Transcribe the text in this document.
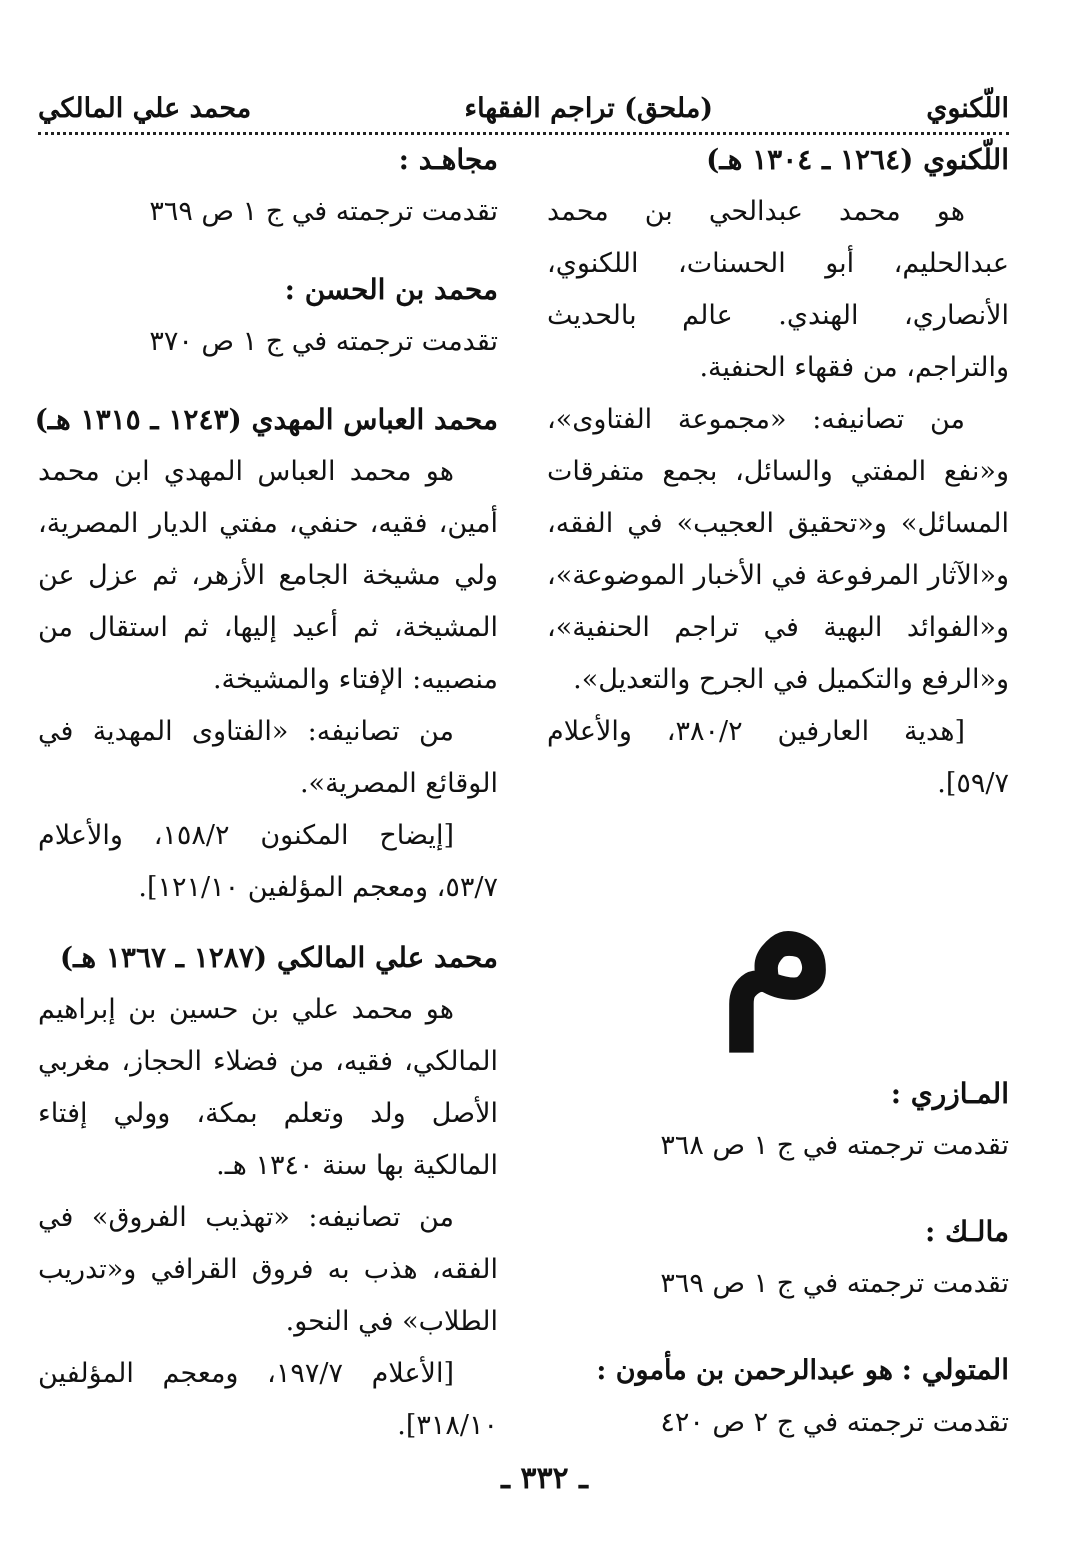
اللّكنوي
(ملحق) تراجم الفقهاء
محمد علي المالكي
اللّكنوي (١٢٦٤ ـ ١٣٠٤ هـ)

هو محمد عبدالحي بن محمد عبدالحليم، أبو الحسنات، اللكنوي، الأنصاري، الهندي. عالم بالحديث والتراجم، من فقهاء الحنفية.

من تصانيفه: «مجموعة الفتاوى»، و«نفع المفتي والسائل، بجمع متفرقات المسائل» و«تحقيق العجيب» في الفقه، و«الآثار المرفوعة في الأخبار الموضوعة»، و«الفوائد البهية في تراجم الحنفية»، و«الرفع والتكميل في الجرح والتعديل».

[هدية العارفين ٣٨٠/٢، والأعلام ٥٩/٧].

م
المـازري :
تقدمت ترجمته في ج ١ ص ٣٦٨
مالـك :
تقدمت ترجمته في ج ١ ص ٣٦٩
المتولي : هو عبدالرحمن بن مأمون :
تقدمت ترجمته في ج ٢ ص ٤٢٠
مجاهـد :
تقدمت ترجمته في ج ١ ص ٣٦٩
محمد بن الحسن :
تقدمت ترجمته في ج ١ ص ٣٧٠
محمد العباس المهدي (١٢٤٣ ـ ١٣١٥ هـ)

هو محمد العباس المهدي ابن محمد أمين، فقيه، حنفي، مفتي الديار المصرية، ولي مشيخة الجامع الأزهر، ثم عزل عن المشيخة، ثم أعيد إليها، ثم استقال من منصبيه: الإفتاء والمشيخة.

من تصانيفه: «الفتاوى المهدية في الوقائع المصرية».

[إيضاح المكنون ١٥٨/٢، والأعلام ٥٣/٧، ومعجم المؤلفين ١٢١/١٠].

محمد علي المالكي (١٢٨٧ ـ ١٣٦٧ هـ)

هو محمد علي بن حسين بن إبراهيم المالكي، فقيه، من فضلاء الحجاز، مغربي الأصل ولد وتعلم بمكة، وولي إفتاء المالكية بها سنة ١٣٤٠ هـ.

من تصانيفه: «تهذيب الفروق» في الفقه، هذب به فروق القرافي و«تدريب الطلاب» في النحو.

[الأعلام ١٩٧/٧، ومعجم المؤلفين ٣١٨/١٠].

ـ ٣٣٢ ـ
